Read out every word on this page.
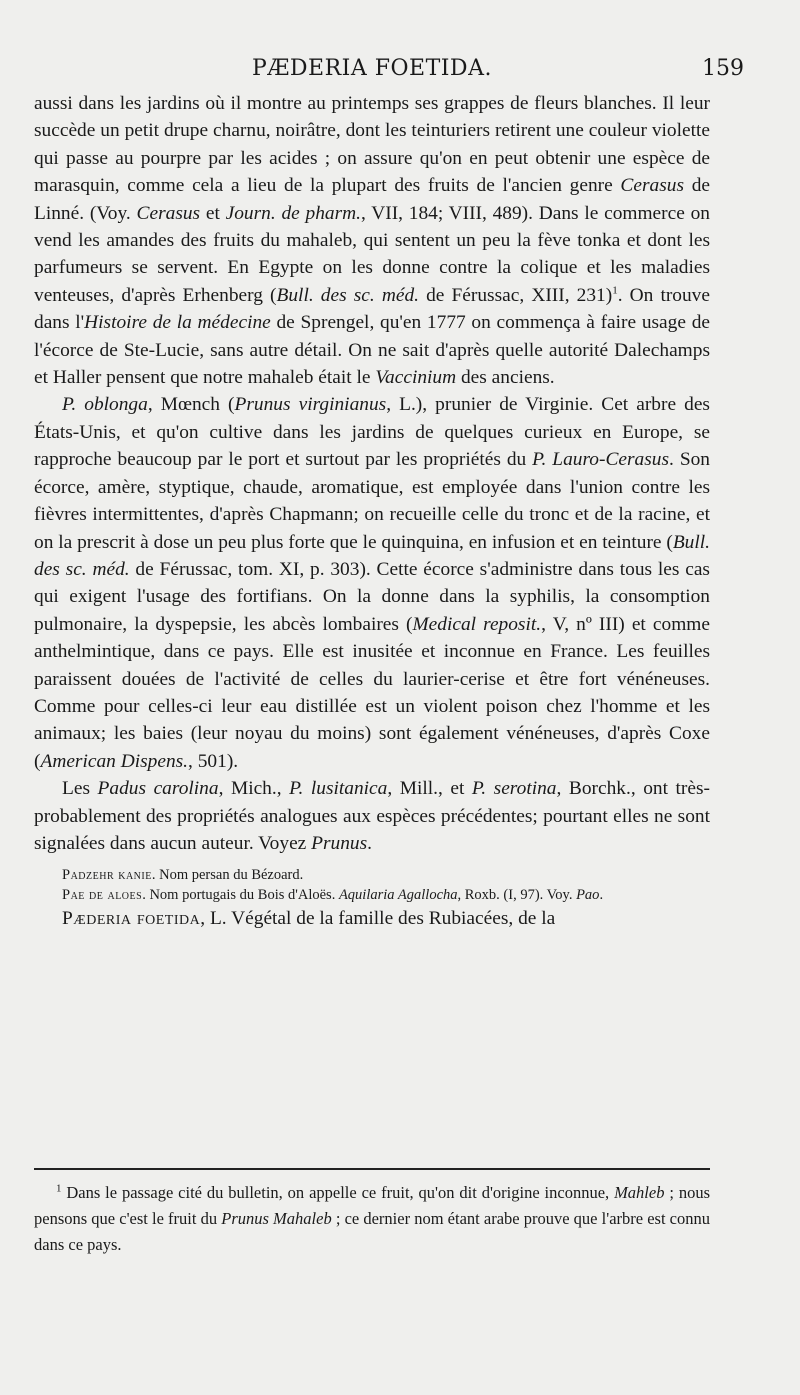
PÆDERIA FOETIDA.	159

aussi dans les jardins où il montre au printemps ses grappes de fleurs blanches. Il leur succède un petit drupe charnu, noirâtre, dont les teinturiers retirent une couleur violette qui passe au pourpre par les acides ; on assure qu'on en peut obtenir une espèce de marasquin, comme cela a lieu de la plupart des fruits de l'ancien genre Cerasus de Linné. (Voy. Cerasus et Journ. de pharm., VII, 184; VIII, 489). Dans le commerce on vend les amandes des fruits du mahaleb, qui sentent un peu la fève tonka et dont les parfumeurs se servent. En Egypte on les donne contre la colique et les maladies venteuses, d'après Erhenberg (Bull. des sc. méd. de Férussac, XIII, 231)$^1$. On trouve dans l'Histoire de la médecine de Sprengel, qu'en 1777 on commença à faire usage de l'écorce de Ste-Lucie, sans autre détail. On ne sait d'après quelle autorité Dalechamps et Haller pensent que notre mahaleb était le Vaccinium des anciens.

P. oblonga, Mœnch (Prunus virginianus, L.), prunier de Virginie. Cet arbre des États-Unis, et qu'on cultive dans les jardins de quelques curieux en Europe, se rapproche beaucoup par le port et surtout par les propriétés du P. Lauro-Cerasus. Son écorce, amère, styptique, chaude, aromatique, est employée dans l'union contre les fièvres intermittentes, d'après Chapmann; on recueille celle du tronc et de la racine, et on la prescrit à dose un peu plus forte que le quinquina, en infusion et en teinture (Bull. des sc. méd. de Férussac, tom. XI, p. 303). Cette écorce s'administre dans tous les cas qui exigent l'usage des fortifians. On la donne dans la syphilis, la consomption pulmonaire, la dyspepsie, les abcès lombaires (Medical reposit., V, nº III) et comme anthelmintique, dans ce pays. Elle est inusitée et inconnue en France. Les feuilles paraissent douées de l'activité de celles du laurier-cerise et être fort vénéneuses. Comme pour celles-ci leur eau distillée est un violent poison chez l'homme et les animaux; les baies (leur noyau du moins) sont également vénéneuses, d'après Coxe (American Dispens., 501).

Les Padus carolina, Mich., P. lusitanica, Mill., et P. serotina, Borchk., ont très-probablement des propriétés analogues aux espèces précédentes; pourtant elles ne sont signalées dans aucun auteur. Voyez Prunus.

Padzehr kanie. Nom persan du Bézoard.

Pae de aloes. Nom portugais du Bois d'Aloës. Aquilaria Agallocha, Roxb. (I, 97). Voy. Pao.

Pæderia foetida, L. Végétal de la famille des Rubiacées, de la

$^1$ Dans le passage cité du bulletin, on appelle ce fruit, qu'on dit d'origine inconnue, Mahleb ; nous pensons que c'est le fruit du Prunus Mahaleb ; ce dernier nom étant arabe prouve que l'arbre est connu dans ce pays.
